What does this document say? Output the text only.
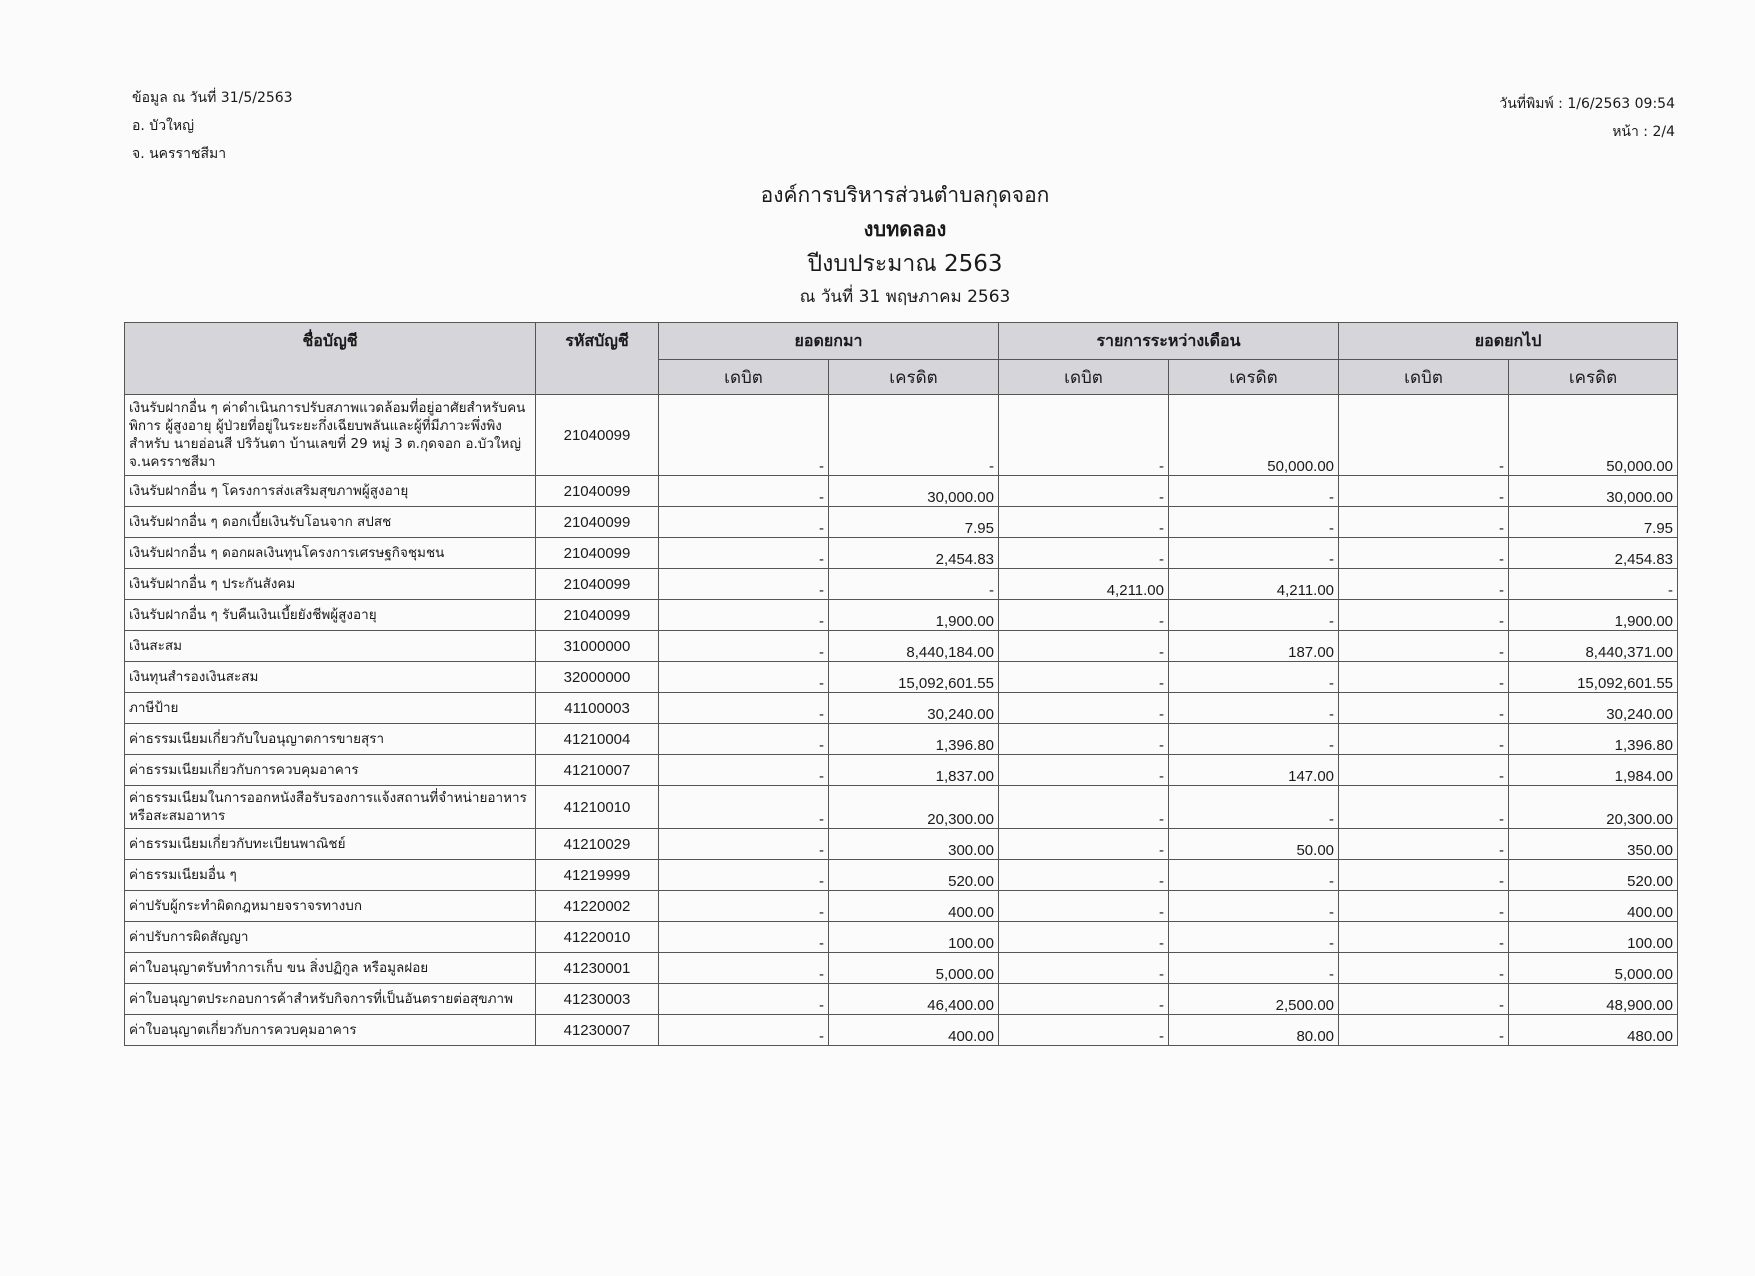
ข้อมูล ณ วันที่ 31/5/2563
อ. บัวใหญ่
จ. นครราชสีมา
วันที่พิมพ์ : 1/6/2563 09:54
หน้า : 2/4
องค์การบริหารส่วนตำบลกุดจอก
งบทดลอง
ปีงบประมาณ 2563
ณ วันที่ 31 พฤษภาคม 2563
ชื่อบัญชี	รหัสบัญชี	ยอดยกมา		รายการระหว่างเดือน		ยอดยกไป	
		เดบิต	เครดิต	เดบิต	เครดิต	เดบิต	เครดิต
เงินรับฝากอื่น ๆ ค่าดำเนินการปรับสภาพแวดล้อมที่อยู่อาศัยสำหรับคนพิการ ผู้สูงอายุ ผู้ป่วยที่อยู่ในระยะกึ่งเฉียบพลันและผู้ที่มีภาวะพึ่งพิงสำหรับ นายอ่อนสี ปริวันตา บ้านเลขที่ 29 หมู่ 3 ต.กุดจอก อ.บัวใหญ่ จ.นครราชสีมา	21040099	-	-	-	50,000.00	-	50,000.00
เงินรับฝากอื่น ๆ โครงการส่งเสริมสุขภาพผู้สูงอายุ	21040099	-	30,000.00	-	-	-	30,000.00
เงินรับฝากอื่น ๆ ดอกเบี้ยเงินรับโอนจาก สปสช	21040099	-	7.95	-	-	-	7.95
เงินรับฝากอื่น ๆ ดอกผลเงินทุนโครงการเศรษฐกิจชุมชน	21040099	-	2,454.83	-	-	-	2,454.83
เงินรับฝากอื่น ๆ ประกันสังคม	21040099	-	-	4,211.00	4,211.00	-	-
เงินรับฝากอื่น ๆ รับคืนเงินเบี้ยยังชีพผู้สูงอายุ	21040099	-	1,900.00	-	-	-	1,900.00
เงินสะสม	31000000	-	8,440,184.00	-	187.00	-	8,440,371.00
เงินทุนสำรองเงินสะสม	32000000	-	15,092,601.55	-	-	-	15,092,601.55
ภาษีป้าย	41100003	-	30,240.00	-	-	-	30,240.00
ค่าธรรมเนียมเกี่ยวกับใบอนุญาตการขายสุรา	41210004	-	1,396.80	-	-	-	1,396.80
ค่าธรรมเนียมเกี่ยวกับการควบคุมอาคาร	41210007	-	1,837.00	-	147.00	-	1,984.00
ค่าธรรมเนียมในการออกหนังสือรับรองการแจ้งสถานที่จำหน่ายอาหารหรือสะสมอาหาร	41210010	-	20,300.00	-	-	-	20,300.00
ค่าธรรมเนียมเกี่ยวกับทะเบียนพาณิชย์	41210029	-	300.00	-	50.00	-	350.00
ค่าธรรมเนียมอื่น ๆ	41219999	-	520.00	-	-	-	520.00
ค่าปรับผู้กระทำผิดกฎหมายจราจรทางบก	41220002	-	400.00	-	-	-	400.00
ค่าปรับการผิดสัญญา	41220010	-	100.00	-	-	-	100.00
ค่าใบอนุญาตรับทำการเก็บ ขน สิ่งปฏิกูล หรือมูลฝอย	41230001	-	5,000.00	-	-	-	5,000.00
ค่าใบอนุญาตประกอบการค้าสำหรับกิจการที่เป็นอันตรายต่อสุขภาพ	41230003	-	46,400.00	-	2,500.00	-	48,900.00
ค่าใบอนุญาตเกี่ยวกับการควบคุมอาคาร	41230007	-	400.00	-	80.00	-	480.00
